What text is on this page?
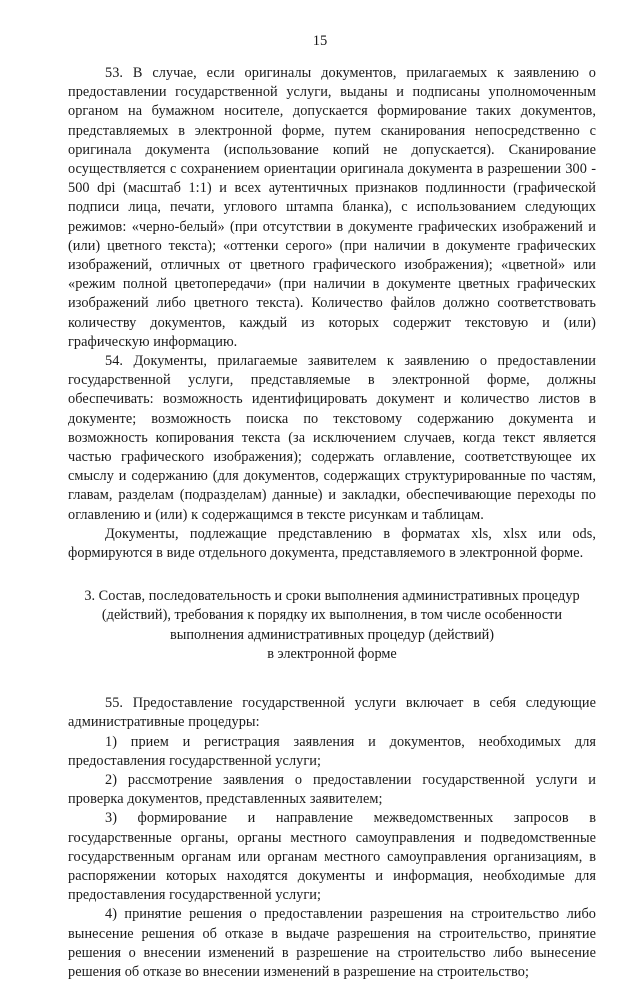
15

53. В случае, если оригиналы документов, прилагаемых к заявлению о предоставлении государственной услуги, выданы и подписаны уполномоченным органом на бумажном носителе, допускается формирование таких документов, представляемых в электронной форме, путем сканирования непосредственно с оригинала документа (использование копий не допускается). Сканирование осуществляется с сохранением ориентации оригинала документа в разрешении 300 - 500 dpi (масштаб 1:1) и всех аутентичных признаков подлинности (графической подписи лица, печати, углового штампа бланка), с использованием следующих режимов: «черно-белый» (при отсутствии в документе графических изображений и (или) цветного текста); «оттенки серого» (при наличии в документе графических изображений, отличных от цветного графического изображения); «цветной» или «режим полной цветопередачи» (при наличии в документе цветных графических изображений либо цветного текста). Количество файлов должно соответствовать количеству документов, каждый из которых содержит текстовую и (или) графическую информацию.

54. Документы, прилагаемые заявителем к заявлению о предоставлении государственной услуги, представляемые в электронной форме, должны обеспечивать: возможность идентифицировать документ и количество листов в документе; возможность поиска по текстовому содержанию документа и возможность копирования текста (за исключением случаев, когда текст является частью графического изображения); содержать оглавление, соответствующее их смыслу и содержанию (для документов, содержащих структурированные по частям, главам, разделам (подразделам) данные) и закладки, обеспечивающие переходы по оглавлению и (или) к содержащимся в тексте рисункам и таблицам.

Документы, подлежащие представлению в форматах xls, xlsx или ods, формируются в виде отдельного документа, представляемого в электронной форме.

3. Состав, последовательность и сроки выполнения административных процедур
(действий), требования к порядку их выполнения, в том числе особенности
выполнения административных процедур (действий)
в электронной форме

55. Предоставление государственной услуги включает в себя следующие административные процедуры:

1) прием и регистрация заявления и документов, необходимых для предоставления государственной услуги;

2) рассмотрение заявления о предоставлении государственной услуги и проверка документов, представленных заявителем;

3) формирование и направление межведомственных запросов в государственные органы, органы местного самоуправления и подведомственные государственным органам или органам местного самоуправления организациям, в распоряжении которых находятся документы и информация, необходимые для предоставления государственной услуги;

4) принятие решения о предоставлении разрешения на строительство либо вынесение решения об отказе в выдаче разрешения на строительство, принятие решения о внесении изменений в разрешение на строительство либо вынесение решения об отказе во внесении изменений в разрешение на строительство;
